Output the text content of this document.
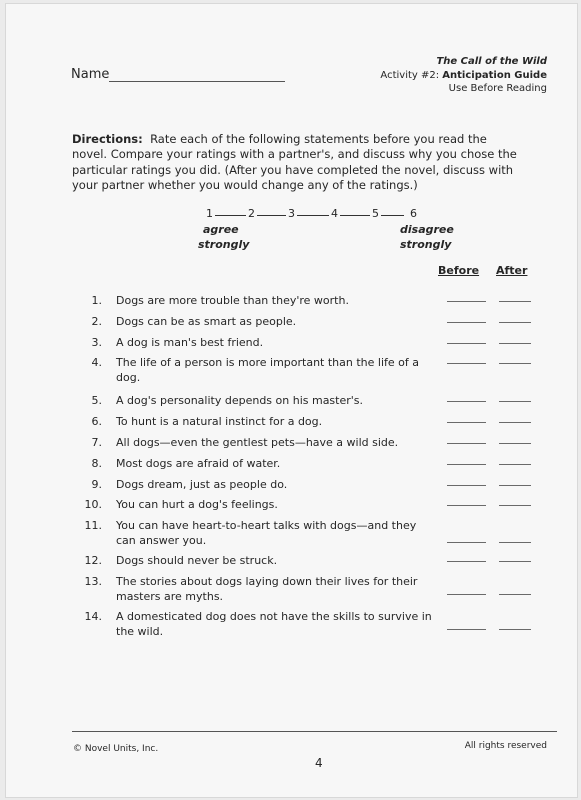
Name
The Call of the Wild
Activity #2: Anticipation Guide
Use Before Reading
Directions: Rate each of the following statements before you read the novel. Compare your ratings with a partner's, and discuss why you chose the particular ratings you did. (After you have completed the novel, discuss with your partner whether you would change any of the ratings.)
1	2	3	4	5	6
agree
strongly
disagree
strongly
Before After
1. Dogs are more trouble than they're worth.
2. Dogs can be as smart as people.
3. A dog is man's best friend.
4. The life of a person is more important than the life of a dog.
5. A dog's personality depends on his master's.
6. To hunt is a natural instinct for a dog.
7. All dogs—even the gentlest pets—have a wild side.
8. Most dogs are afraid of water.
9. Dogs dream, just as people do.
10. You can hurt a dog's feelings.
11. You can have heart-to-heart talks with dogs—and they can answer you.
12. Dogs should never be struck.
13. The stories about dogs laying down their lives for their masters are myths.
14. A domesticated dog does not have the skills to survive in the wild.
© Novel Units, Inc.
4
All rights reserved
